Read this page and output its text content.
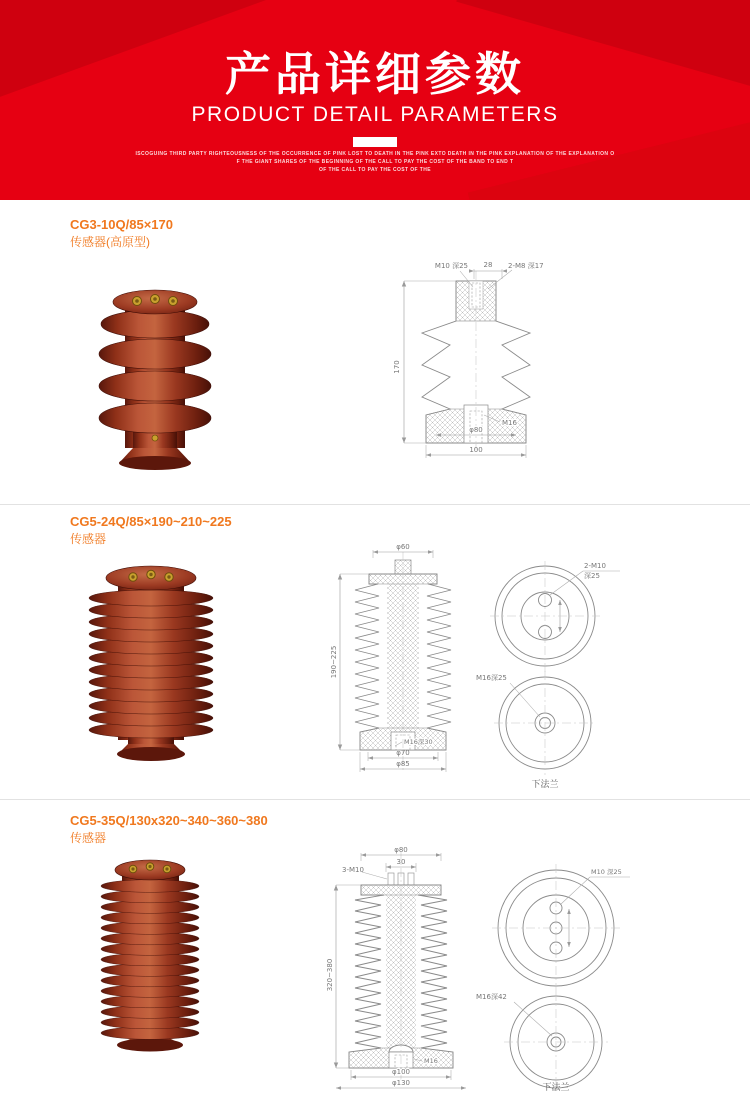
产品详细参数
PRODUCT DETAIL PARAMETERS
ISCOGUING THIRD PARTY RIGHTEOUSNESS OF THE OCCURRENCE OF PINK LOST TO DEATH IN THE PINK EXTO DEATH IN THE PINK EXPLANATION OF THE EXPLANATION O
F THE GIANT SHARES OF THE BEGINNING OF THE CALL TO PAY THE COST OF THE BAND TO END T
OF THE CALL TO PAY THE COST OF THE
CG3-10Q/85×170
传感器(高原型)
170
28
M10 深25	2-M8 深17
M16
φ80
100
CG5-24Q/85×190~210~225
传感器
φ60
190~225
M16深30
φ70
φ85
2-M10
深25
M16深25
下法兰
CG5-35Q/130x320~340~360~380
传感器
φ80
30
3-M10
320~380
M16
φ100
φ130
M10 深25
M16深42
下法兰
